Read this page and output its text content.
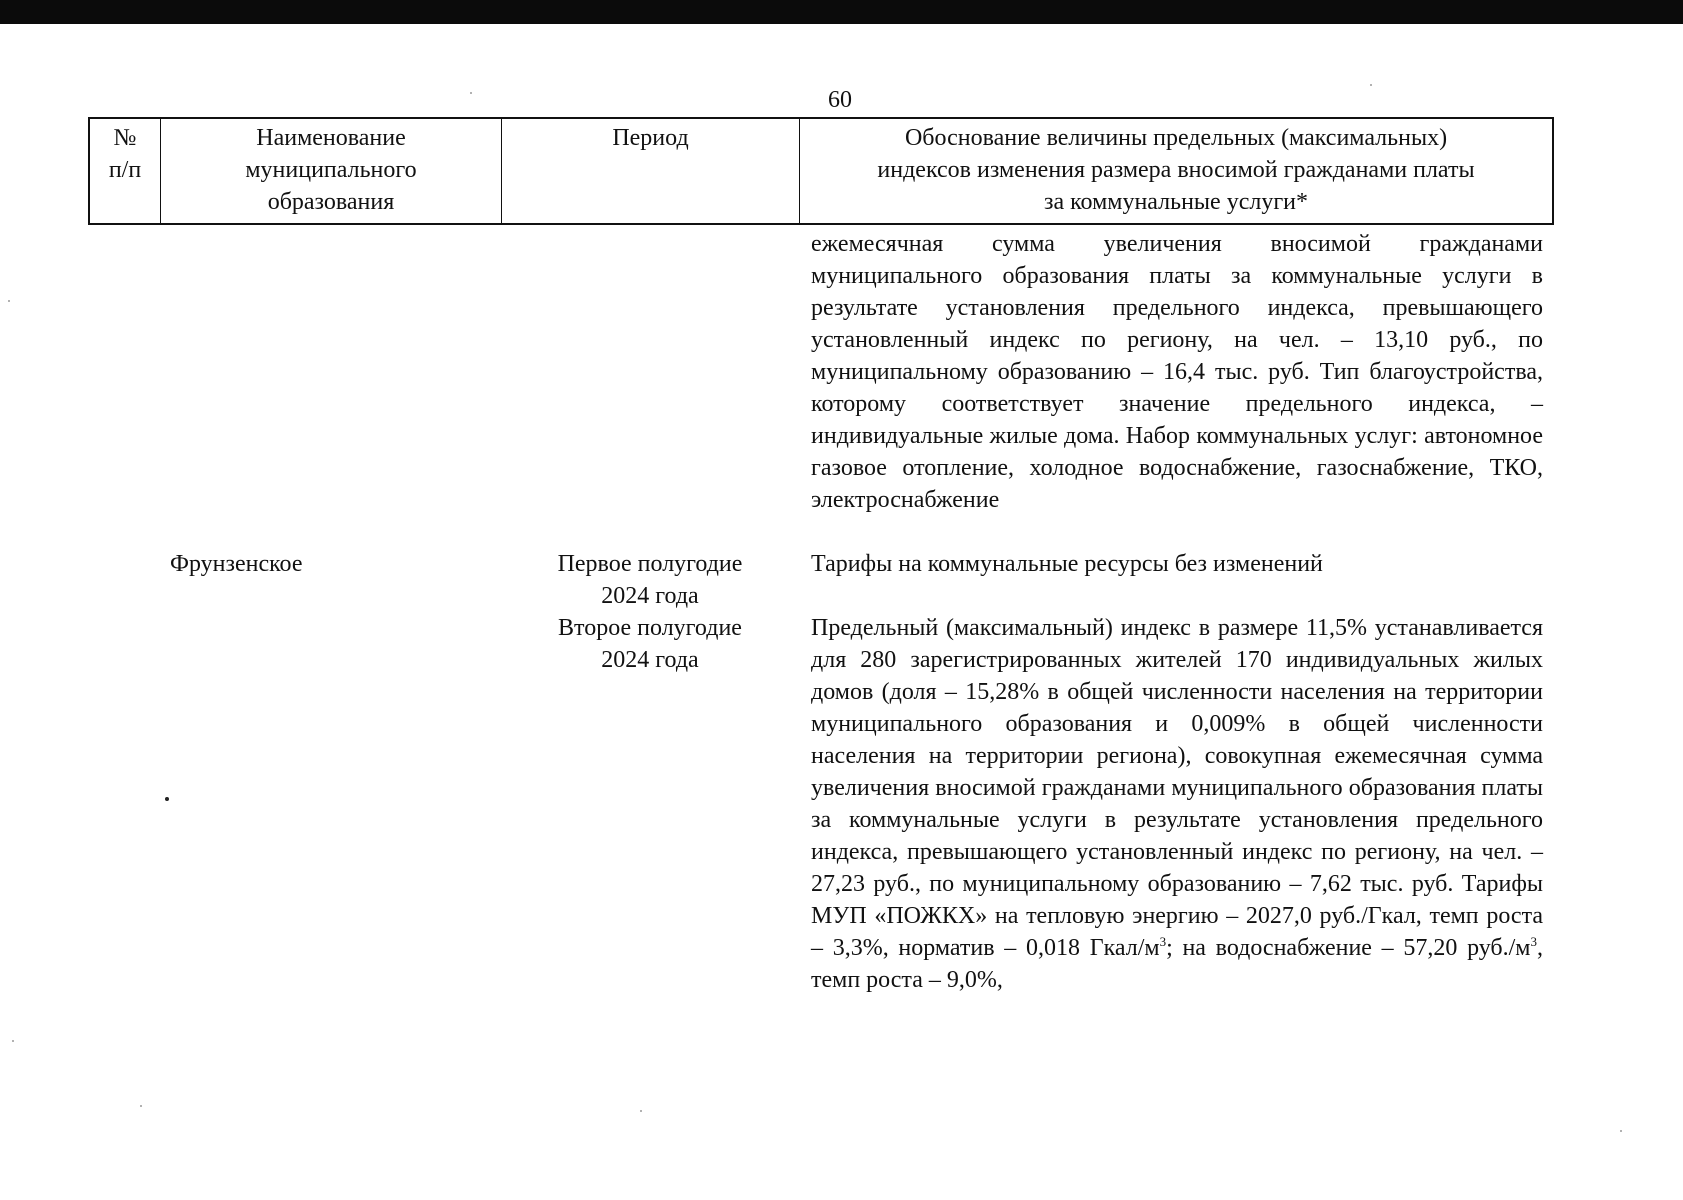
60
№
п/п
Наименование
муниципального
образования
Период	Обоснование величины предельных (максимальных)
индексов изменения размера вносимой гражданами платы
за коммунальные услуги*
ежемесячная сумма увеличения вносимой гражданами муниципального образования платы за коммунальные услуги в результате установления предельного индекса, превышающего установленный индекс по региону, на чел. – 13,10 руб., по муниципальному образованию – 16,4 тыс. руб. Тип благоустройства, которому соответствует значение предельного индекса, – индивидуальные жилые дома. Набор коммунальных услуг: автономное газовое отопление, холодное водоснабжение, газоснабжение, ТКО, электроснабжение
Фрунзенское	Первое полугодие
2024 года
Тарифы на коммунальные ресурсы без изменений
Второе полугодие
2024 года
Предельный (максимальный) индекс в размере 11,5% устанавливается для 280 зарегистрированных жителей 170 индивидуальных жилых домов (доля – 15,28% в общей численности населения на территории муниципального образования и 0,009% в общей численности населения на территории региона), совокупная ежемесячная сумма увеличения вносимой гражданами муниципального образования платы за коммунальные услуги в результате установления предельного индекса, превышающего установленный индекс по региону, на чел. – 27,23 руб., по муниципальному образованию – 7,62 тыс. руб. Тарифы МУП «ПОЖКХ» на тепловую энергию – 2027,0 руб./Гкал, темп роста – 3,3%, норматив – 0,018 Гкал/$м^3$; на водоснабжение – 57,20 $руб./м^3$, темп роста – 9,0%,
